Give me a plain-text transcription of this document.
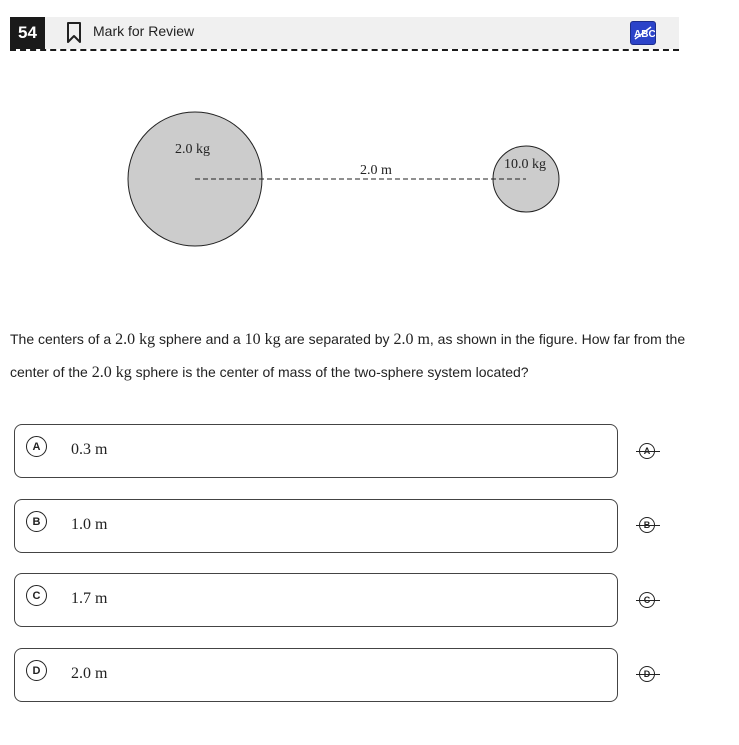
54	Mark for Review	ABC
2.0 kg
2.0 m	10.0 kg
The centers of a 2.0 kg sphere and a 10 kg are separated by 2.0 m, as shown in the figure. How far from the center of the 2.0 kg sphere is the center of mass of the two-sphere system located?
A	0.3 m	A
B	1.0 m	B
C	1.7 m	C
D	2.0 m	D
